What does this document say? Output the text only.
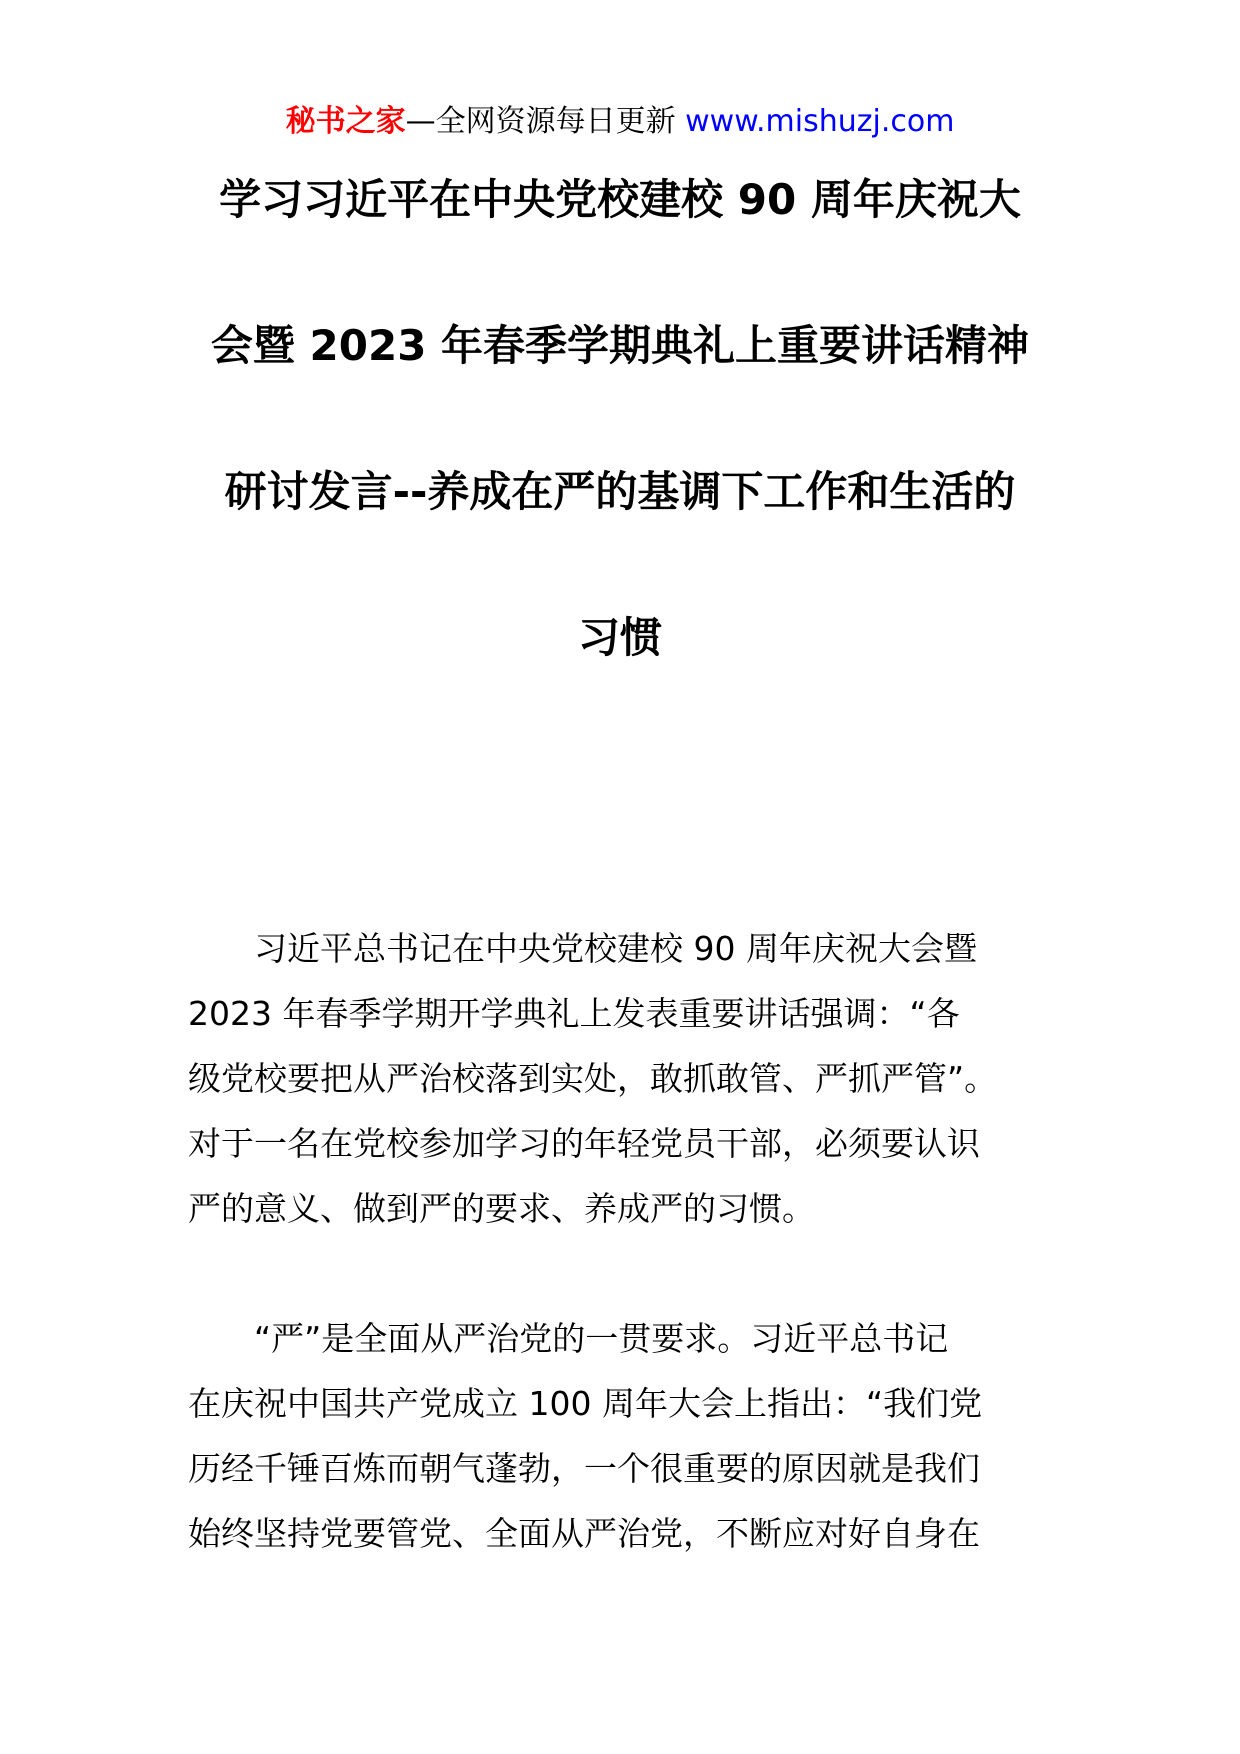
秘书之家—全网资源每日更新 www.mishuzj.com
学习习近平在中央党校建校 90 周年庆祝大
会暨 2023 年春季学期典礼上重要讲话精神
研讨发言--养成在严的基调下工作和生活的
习惯

习近平总书记在中央党校建校 90 周年庆祝大会暨

2023 年春季学期开学典礼上发表重要讲话强调：“各

级党校要把从严治校落到实处，敢抓敢管、严抓严管”。

对于一名在党校参加学习的年轻党员干部，必须要认识

严的意义、做到严的要求、养成严的习惯。

“严”是全面从严治党的一贯要求。习近平总书记

在庆祝中国共产党成立 100 周年大会上指出：“我们党

历经千锤百炼而朝气蓬勃，一个很重要的原因就是我们

始终坚持党要管党、全面从严治党，不断应对好自身在
